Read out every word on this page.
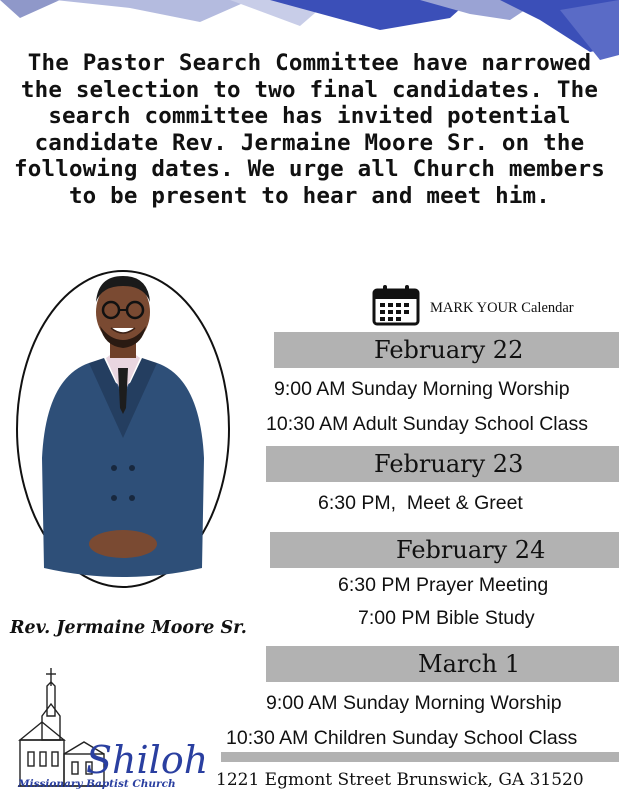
The Pastor Search Committee have narrowed the selection to two final candidates. The search committee has invited potential candidate Rev. Jermaine Moore Sr. on the following dates. We urge all Church members to be present to hear and meet him.
Rev. Jermaine Moore Sr.
MARK YOUR Calendar
February 22
9:00 AM Sunday Morning Worship
10:30 AM Adult Sunday School Class
February 23
6:30 PM,  Meet & Greet
February 24
6:30 PM Prayer Meeting
7:00 PM Bible Study
March 1
9:00 AM Sunday Morning Worship
10:30 AM Children Sunday School Class
Shiloh
Missionary Baptist Church 1221 Egmont Street Brunswick, GA 31520
